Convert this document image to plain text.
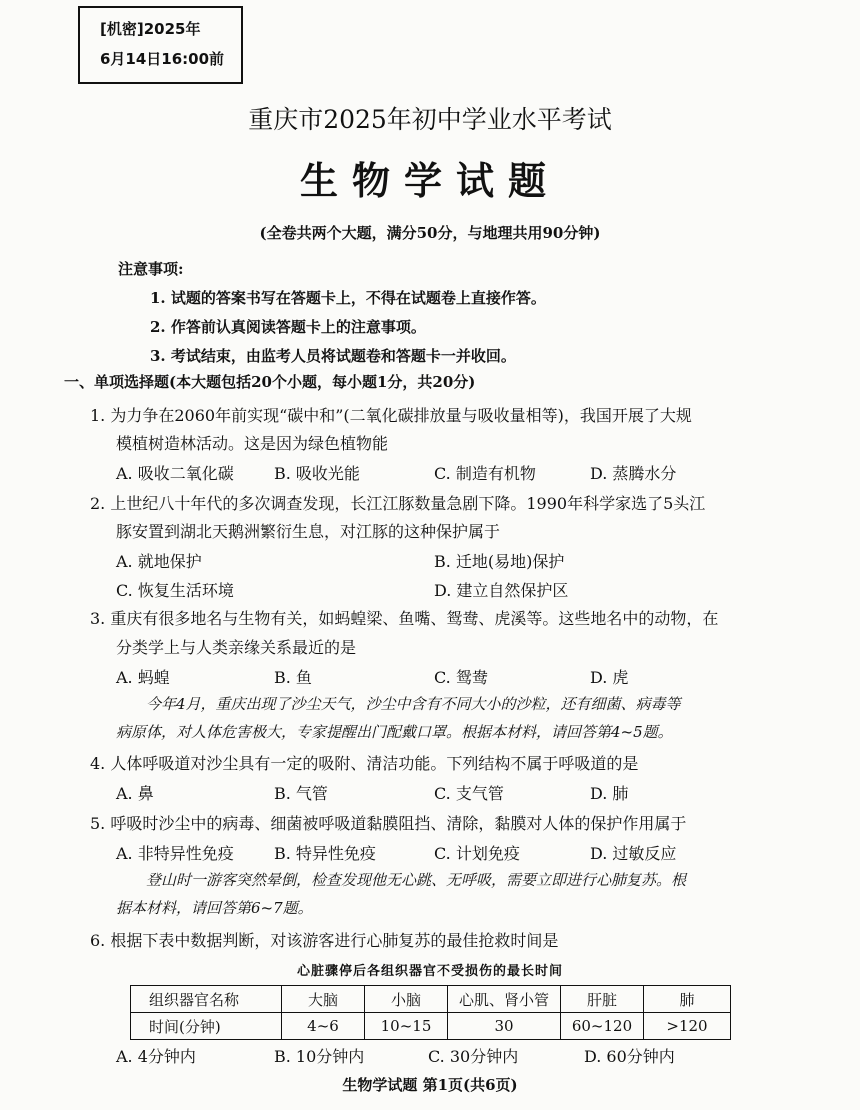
[机密]2025年
6月14日16:00前
重庆市2025年初中学业水平考试
生物学试题
(全卷共两个大题，满分50分，与地理共用90分钟)
注意事项:
1. 试题的答案书写在答题卡上，不得在试题卷上直接作答。
2. 作答前认真阅读答题卡上的注意事项。
3. 考试结束，由监考人员将试题卷和答题卡一并收回。
一、单项选择题(本大题包括20个小题，每小题1分，共20分)
1. 为力争在2060年前实现“碳中和”(二氧化碳排放量与吸收量相等)，我国开展了大规
模植树造林活动。这是因为绿色植物能
A. 吸收二氧化碳	B. 吸收光能	C. 制造有机物	D. 蒸腾水分
2. 上世纪八十年代的多次调查发现，长江江豚数量急剧下降。1990年科学家选了5头江
豚安置到湖北天鹅洲繁衍生息，对江豚的这种保护属于
A. 就地保护	B. 迁地(易地)保护
C. 恢复生活环境	D. 建立自然保护区
3. 重庆有很多地名与生物有关，如蚂蝗梁、鱼嘴、鸳鸯、虎溪等。这些地名中的动物，在
分类学上与人类亲缘关系最近的是
A. 蚂蝗	B. 鱼	C. 鸳鸯	D. 虎
今年4月，重庆出现了沙尘天气，沙尘中含有不同大小的沙粒，还有细菌、病毒等
病原体，对人体危害极大，专家提醒出门配戴口罩。根据本材料，请回答第4~5题。
4. 人体呼吸道对沙尘具有一定的吸附、清洁功能。下列结构不属于呼吸道的是
A. 鼻	B. 气管	C. 支气管	D. 肺
5. 呼吸时沙尘中的病毒、细菌被呼吸道黏膜阻挡、清除，黏膜对人体的保护作用属于
A. 非特异性免疫	B. 特异性免疫	C. 计划免疫	D. 过敏反应
登山时一游客突然晕倒，检查发现他无心跳、无呼吸，需要立即进行心肺复苏。根
据本材料，请回答第6~7题。
6. 根据下表中数据判断，对该游客进行心肺复苏的最佳抢救时间是
心脏骤停后各组织器官不受损伤的最长时间
组织器官名称	大脑	小脑	心肌、肾小管	肝脏	肺
时间(分钟)	4~6	10~15	30	60~120	>120
A. 4分钟内	B. 10分钟内	C. 30分钟内	D. 60分钟内
生物学试题 第1页(共6页)
